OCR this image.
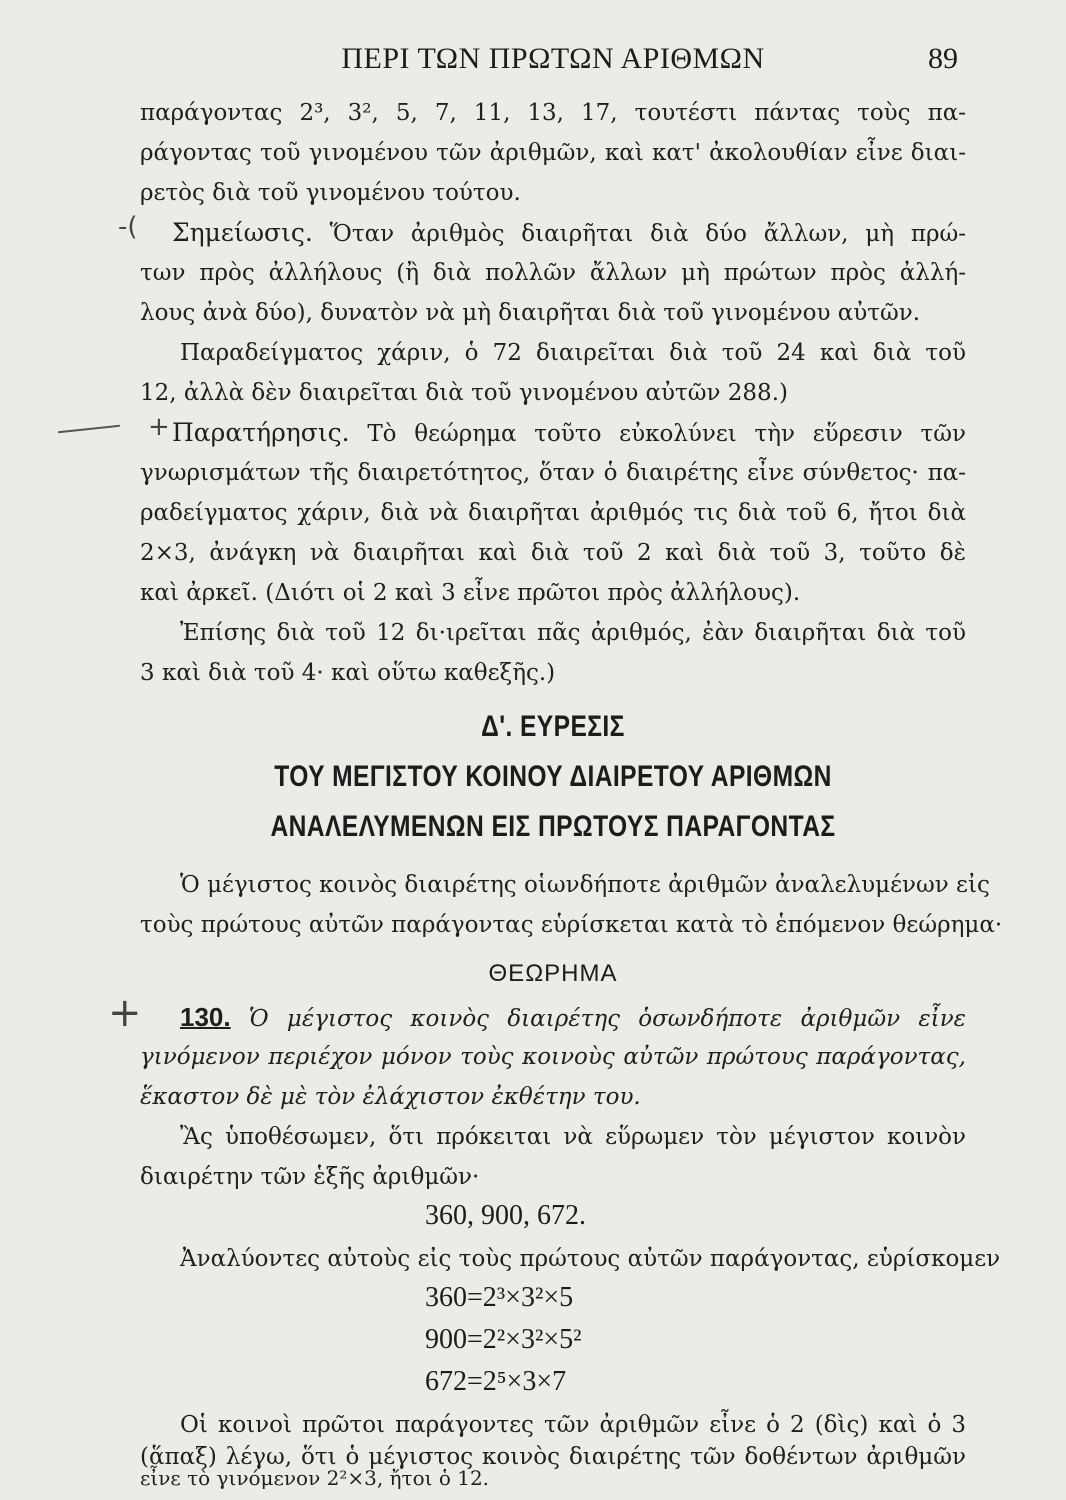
ΠΕΡΙ ΤΩΝ ΠΡΩΤΩΝ ΑΡΙΘΜΩΝ	89
παράγοντας 2³, 3², 5, 7, 11, 13, 17, τουτέστι πάντας τοὺς πα-
ράγοντας τοῦ γινομένου τῶν ἀριθμῶν, καὶ κατ' ἀκολουθίαν εἶνε διαι-
ρετὸς διὰ τοῦ γινομένου τούτου.
-( Σημείωσις. Ὅταν ἀριθμὸς διαιρῆται διὰ δύο ἄλλων, μὴ πρώ-
των πρὸς ἀλλήλους (ἢ διὰ πολλῶν ἄλλων μὴ πρώτων πρὸς ἀλλή-
λους ἀνὰ δύο), δυνατὸν νὰ μὴ διαιρῆται διὰ τοῦ γινομένου αὐτῶν.
Παραδείγματος χάριν, ὁ 72 διαιρεῖται διὰ τοῦ 24 καὶ διὰ τοῦ
12, ἀλλὰ δὲν διαιρεῖται διὰ τοῦ γινομένου αὐτῶν 288.)
+ Παρατήρησις. Τὸ θεώρημα τοῦτο εὐκολύνει τὴν εὕρεσιν τῶν
γνωρισμάτων τῆς διαιρετότητος, ὅταν ὁ διαιρέτης εἶνε σύνθετος· πα-
ραδείγματος χάριν, διὰ νὰ διαιρῆται ἀριθμός τις διὰ τοῦ 6, ἤτοι διὰ
2×3, ἀνάγκη νὰ διαιρῆται καὶ διὰ τοῦ 2 καὶ διὰ τοῦ 3, τοῦτο δὲ
καὶ ἀρκεῖ. (Διότι οἱ 2 καὶ 3 εἶνε πρῶτοι πρὸς ἀλλήλους).
Ἐπίσης διὰ τοῦ 12 δι·ιρεῖται πᾶς ἀριθμός, ἐὰν διαιρῆται διὰ τοῦ
3 καὶ διὰ τοῦ 4· καὶ οὕτω καθεξῆς.)
Δ'. ΕΥΡΕΣΙΣ
ΤΟΥ ΜΕΓΙΣΤΟΥ ΚΟΙΝΟΥ ΔΙΑΙΡΕΤΟΥ ΑΡΙΘΜΩΝ
ΑΝΑΛΕΛΥΜΕΝΩΝ ΕΙΣ ΠΡΩΤΟΥΣ ΠΑΡΑΓΟΝΤΑΣ
Ὁ μέγιστος κοινὸς διαιρέτης οἱωνδήποτε ἀριθμῶν ἀναλελυμένων εἰς
τοὺς πρώτους αὐτῶν παράγοντας εὑρίσκεται κατὰ τὸ ἑπόμενον θεώρημα·
ΘΕΩΡΗΜΑ
+ 130. Ὁ μέγιστος κοινὸς διαιρέτης ὁσωνδήποτε ἀριθμῶν εἶνε
γινόμενον περιέχον μόνον τοὺς κοινοὺς αὐτῶν πρώτους παράγοντας,
ἕκαστον δὲ μὲ τὸν ἐλάχιστον ἐκθέτην του.
Ἂς ὑποθέσωμεν, ὅτι πρόκειται νὰ εὕρωμεν τὸν μέγιστον κοινὸν
διαιρέτην τῶν ἑξῆς ἀριθμῶν·
360, 900, 672.
Ἀναλύοντες αὐτοὺς εἰς τοὺς πρώτους αὐτῶν παράγοντας, εὑρίσκομεν
360=2³×3²×5
900=2²×3²×5²
672=2⁵×3×7
Οἱ κοινοὶ πρῶτοι παράγοντες τῶν ἀριθμῶν εἶνε ὁ 2 (δὶς) καὶ ὁ 3
(ἅπαξ) λέγω, ὅτι ὁ μέγιστος κοινὸς διαιρέτης τῶν δοθέντων ἀριθμῶν
εἶνε τὸ γινόμενον 2²×3, ἤτοι ὁ 12.
